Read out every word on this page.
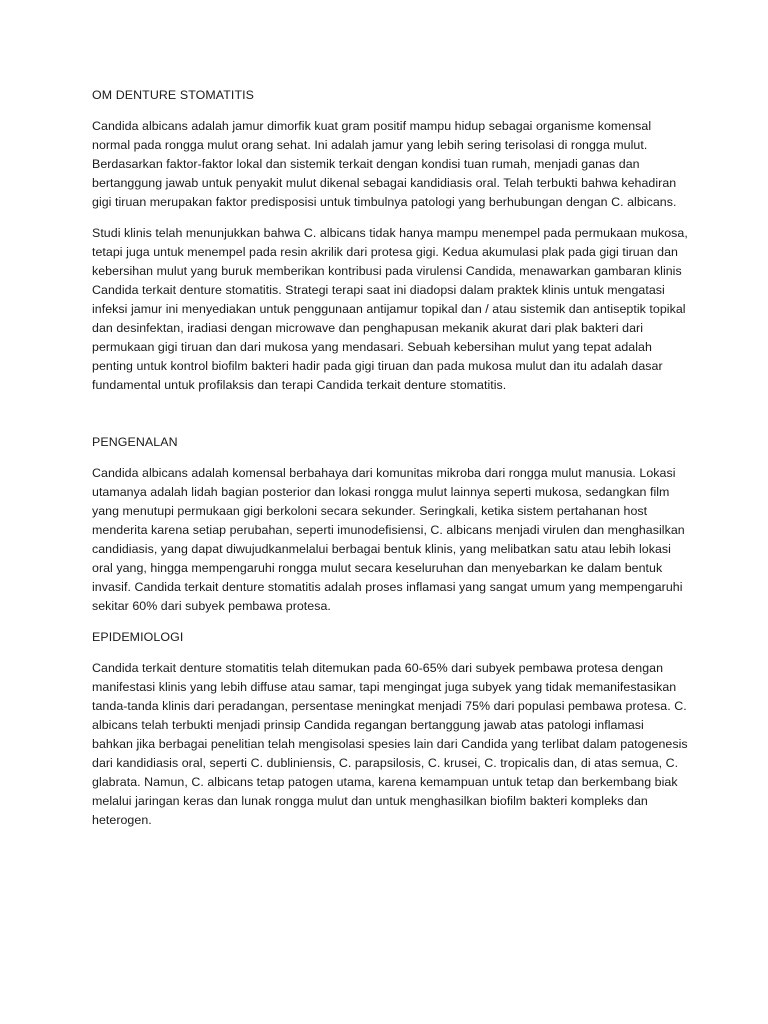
OM DENTURE STOMATITIS

Candida albicans adalah jamur dimorfik kuat gram positif mampu hidup sebagai organisme komensal normal pada rongga mulut orang sehat. Ini adalah jamur yang lebih sering terisolasi di rongga mulut. Berdasarkan faktor-faktor lokal dan sistemik terkait dengan kondisi tuan rumah, menjadi ganas dan bertanggung jawab untuk penyakit mulut dikenal sebagai kandidiasis oral. Telah terbukti bahwa kehadiran gigi tiruan merupakan faktor predisposisi untuk timbulnya patologi yang berhubungan dengan C. albicans.

Studi klinis telah menunjukkan bahwa C. albicans tidak hanya mampu menempel pada permukaan mukosa, tetapi juga untuk menempel pada resin akrilik dari protesa gigi. Kedua akumulasi plak pada gigi tiruan dan kebersihan mulut yang buruk memberikan kontribusi pada virulensi Candida, menawarkan gambaran klinis Candida terkait denture stomatitis. Strategi terapi saat ini diadopsi dalam praktek klinis untuk mengatasi infeksi jamur ini menyediakan untuk penggunaan antijamur topikal dan / atau sistemik dan antiseptik topikal dan desinfektan, iradiasi dengan microwave dan penghapusan mekanik akurat dari plak bakteri dari permukaan gigi tiruan dan dari mukosa yang mendasari. Sebuah kebersihan mulut yang tepat adalah penting untuk kontrol biofilm bakteri hadir pada gigi tiruan dan pada mukosa mulut dan itu adalah dasar fundamental untuk profilaksis dan terapi Candida terkait denture stomatitis.

PENGENALAN

Candida albicans adalah komensal berbahaya dari komunitas mikroba dari rongga mulut manusia. Lokasi utamanya adalah lidah bagian posterior dan lokasi rongga mulut lainnya seperti mukosa, sedangkan film yang menutupi permukaan gigi berkoloni secara sekunder. Seringkali, ketika sistem pertahanan host menderita karena setiap perubahan, seperti imunodefisiensi, C. albicans menjadi virulen dan menghasilkan candidiasis, yang dapat diwujudkanmelalui berbagai bentuk klinis, yang melibatkan satu atau lebih lokasi oral yang, hingga mempengaruhi rongga mulut secara keseluruhan dan menyebarkan ke dalam bentuk invasif. Candida terkait denture stomatitis adalah proses inflamasi yang sangat umum yang mempengaruhi sekitar 60% dari subyek pembawa protesa.

EPIDEMIOLOGI

Candida terkait denture stomatitis telah ditemukan pada 60-65% dari subyek pembawa protesa dengan manifestasi klinis yang lebih diffuse atau samar, tapi mengingat juga subyek yang tidak memanifestasikan tanda-tanda klinis dari peradangan, persentase meningkat menjadi 75% dari populasi pembawa protesa. C. albicans telah terbukti menjadi prinsip Candida regangan bertanggung jawab atas patologi inflamasi bahkan jika berbagai penelitian telah mengisolasi spesies lain dari Candida yang terlibat dalam patogenesis dari kandidiasis oral, seperti C. dubliniensis, C. parapsilosis, C. krusei, C. tropicalis dan, di atas semua, C. glabrata. Namun, C. albicans tetap patogen utama, karena kemampuan untuk tetap dan berkembang biak melalui jaringan keras dan lunak rongga mulut dan untuk menghasilkan biofilm bakteri kompleks dan heterogen.
